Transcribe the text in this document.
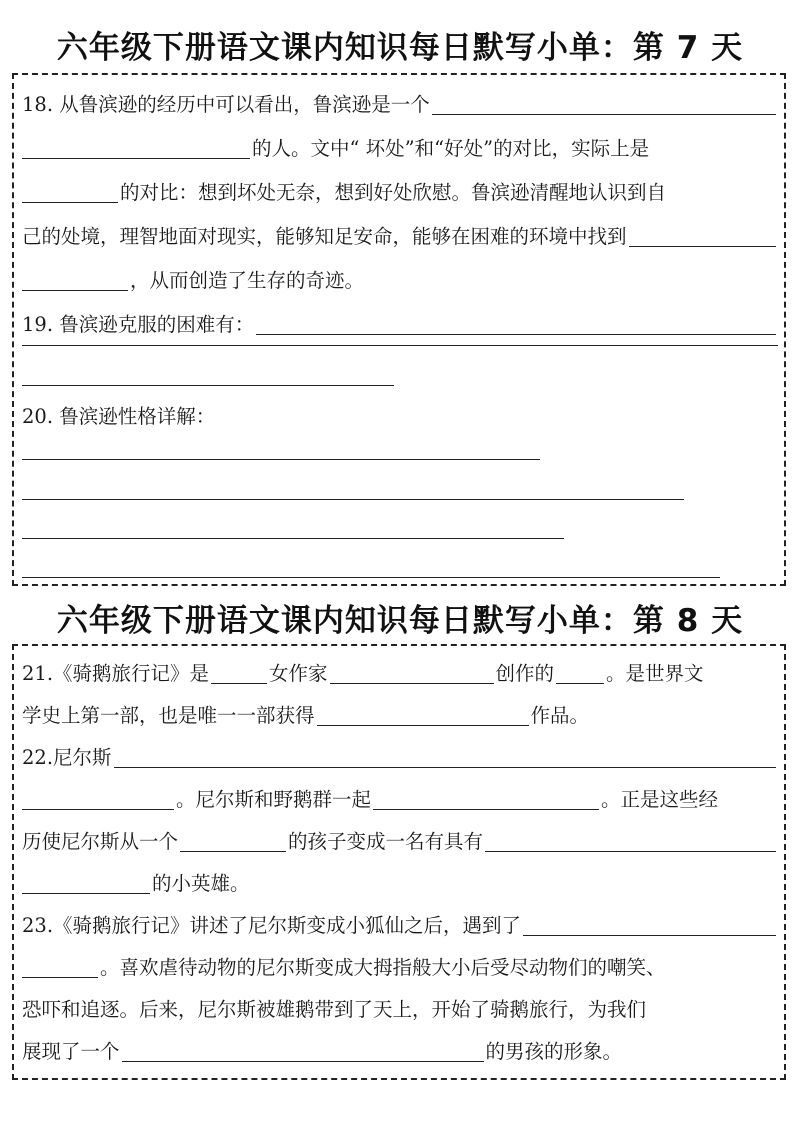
六年级下册语文课内知识每日默写小单：第 7 天
18. 从鲁滨逊的经历中可以看出，鲁滨逊是一个
的人。文中“ 坏处”和“好处”的对比，实际上是
的对比：想到坏处无奈，想到好处欣慰。鲁滨逊清醒地认识到自
己的处境，理智地面对现实，能够知足安命，能够在困难的环境中找到
，从而创造了生存的奇迹。
19. 鲁滨逊克服的困难有：
20. 鲁滨逊性格详解：
六年级下册语文课内知识每日默写小单：第 8 天
21.《骑鹅旅行记》是	女作家	创作的	。是世界文
学史上第一部，也是唯一一部获得	作品。
22.尼尔斯
。尼尔斯和野鹅群一起	。正是这些经
历使尼尔斯从一个	的孩子变成一名有具有
的小英雄。
23.《骑鹅旅行记》讲述了尼尔斯变成小狐仙之后，遇到了
。喜欢虐待动物的尼尔斯变成大拇指般大小后受尽动物们的嘲笑、
恐吓和追逐。后来，尼尔斯被雄鹅带到了天上，开始了骑鹅旅行，为我们
展现了一个	的男孩的形象。
